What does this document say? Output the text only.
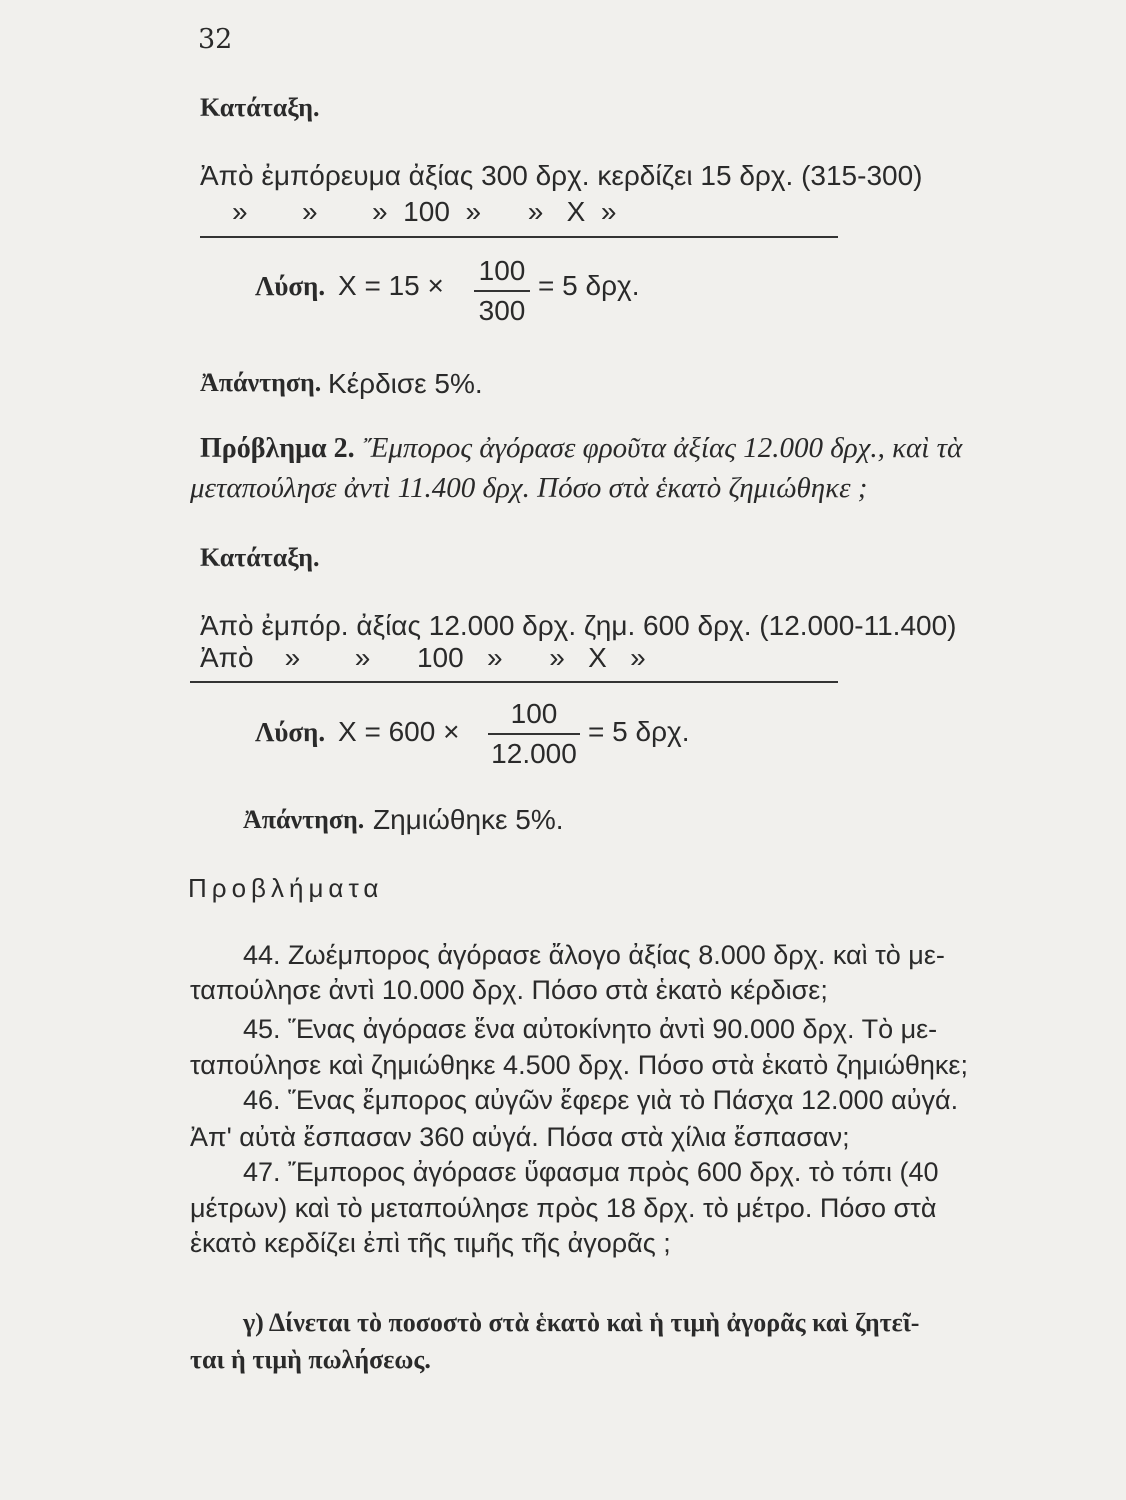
32
Κατάταξη.
Ἀπὸ ἐμπόρευμα ἀξίας 300 δρχ. κερδίζει 15 δρχ. (315-300)
»       »       »  100  »      »   X  »
Λύση. X = 15 × 100
300
= 5 δρχ.
Ἀπάντηση. Κέρδισε 5%.
Πρόβλημα 2. Ἔμπορος ἀγόρασε φροῦτα ἀξίας 12.000 δρχ., καὶ τὰ
μεταπούλησε ἀντὶ 11.400 δρχ. Πόσο στὰ ἑκατὸ ζημιώθηκε ;
Κατάταξη.
Ἀπὸ ἐμπόρ. ἀξίας 12.000 δρχ. ζημ. 600 δρχ. (12.000-11.400)
Ἀπὸ    »       »      100   »      »   X   »
Λύση. X = 600 ×
100
12.000
= 5 δρχ.
Ἀπάντηση. Ζημιώθηκε 5%.
Προβλήματα
44. Ζωέμπορος ἀγόρασε ἄλογο ἀξίας 8.000 δρχ. καὶ τὸ με-
ταπούλησε ἀντὶ 10.000 δρχ. Πόσο στὰ ἑκατὸ κέρδισε;
45. Ἕνας ἀγόρασε ἕνα αὐτοκίνητο ἀντὶ 90.000 δρχ. Τὸ με-
ταπούλησε καὶ ζημιώθηκε 4.500 δρχ. Πόσο στὰ ἑκατὸ ζημιώθηκε;
46. Ἕνας ἔμπορος αὐγῶν ἔφερε γιὰ τὸ Πάσχα 12.000 αὐγά.
Ἀπ' αὐτὰ ἔσπασαν 360 αὐγά. Πόσα στὰ χίλια ἔσπασαν;
47. Ἔμπορος ἀγόρασε ὕφασμα πρὸς 600 δρχ. τὸ τόπι (40
μέτρων) καὶ τὸ μεταπούλησε πρὸς 18 δρχ. τὸ μέτρο. Πόσο στὰ
ἑκατὸ κερδίζει ἐπὶ τῆς τιμῆς τῆς ἀγορᾶς ;
γ) Δίνεται τὸ ποσοστὸ στὰ ἑκατὸ καὶ ἡ τιμὴ ἀγορᾶς καὶ ζητεῖ-
ται ἡ τιμὴ πωλήσεως.
